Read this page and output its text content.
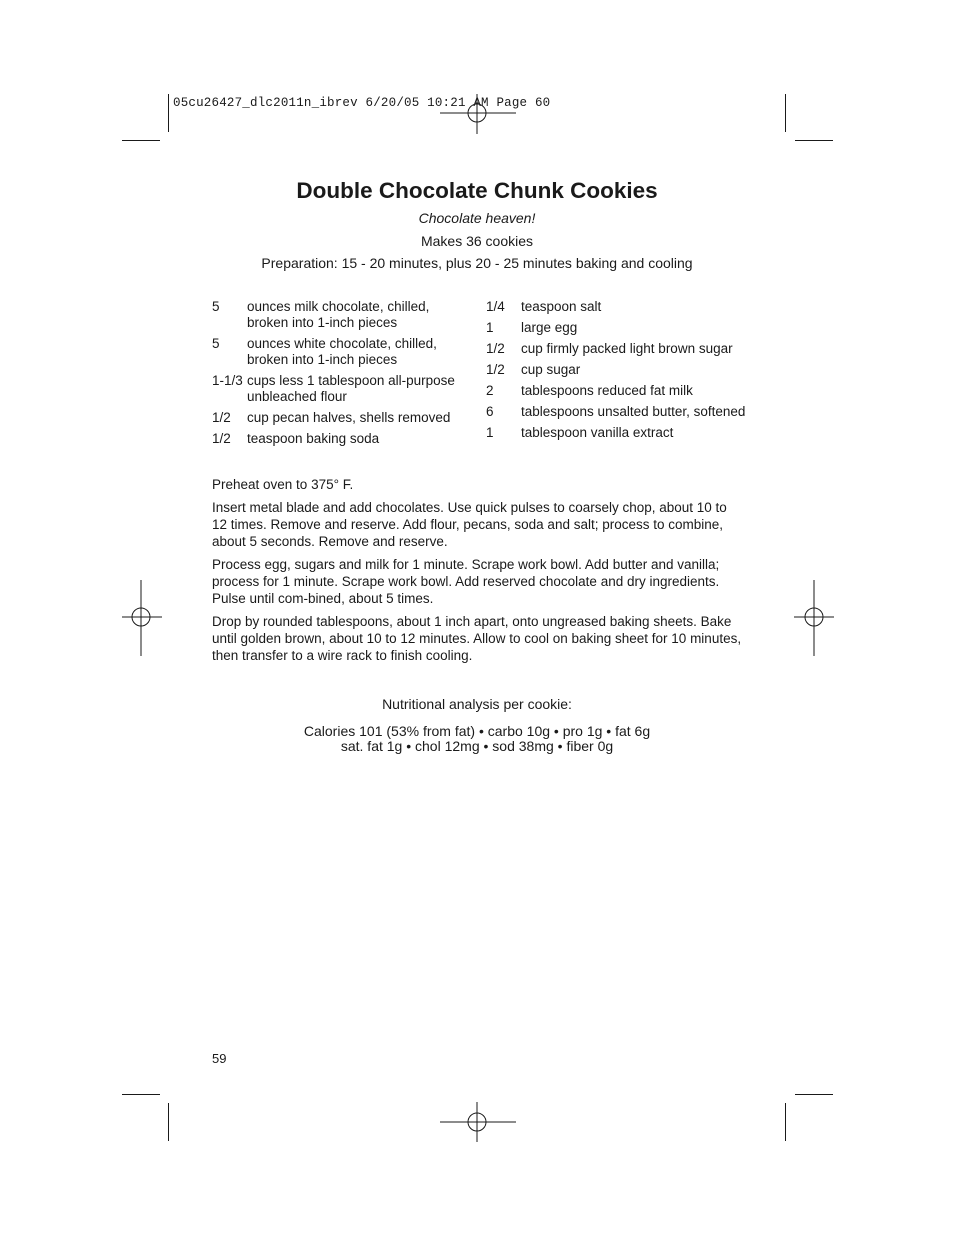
05cu26427_dlc2011n_ibrev 6/20/05 10:21 AM Page 60
Double Chocolate Chunk Cookies
Chocolate heaven!
Makes 36 cookies
Preparation: 15 - 20 minutes, plus 20 - 25 minutes baking and cooling
5	ounces milk chocolate, chilled, broken into 1-inch pieces
5	ounces white chocolate, chilled, broken into 1-inch pieces
1-1/3 cups less 1 tablespoon all-purpose unbleached flour
1/2	cup pecan halves, shells removed
1/2	teaspoon baking soda
1/4	teaspoon salt
1	large egg
1/2	cup firmly packed light brown sugar
1/2	cup sugar
2	tablespoons reduced fat milk
6	tablespoons unsalted butter, softened
1	tablespoon vanilla extract

Preheat oven to 375° F.

Insert metal blade and add chocolates. Use quick pulses to coarsely chop, about 10 to 12 times. Remove and reserve. Add flour, pecans, soda and salt; process to combine, about 5 seconds. Remove and reserve.

Process egg, sugars and milk for 1 minute. Scrape work bowl. Add butter and vanilla; process for 1 minute. Scrape work bowl. Add reserved chocolate and dry ingredients. Pulse until com-bined, about 5 times.

Drop by rounded tablespoons, about 1 inch apart, onto ungreased baking sheets. Bake until golden brown, about 10 to 12 minutes. Allow to cool on baking sheet for 10 minutes, then transfer to a wire rack to finish cooling.

Nutritional analysis per cookie:
Calories 101 (53% from fat) • carbo 10g • pro 1g • fat 6g
sat. fat 1g • chol 12mg • sod 38mg • fiber 0g
59
